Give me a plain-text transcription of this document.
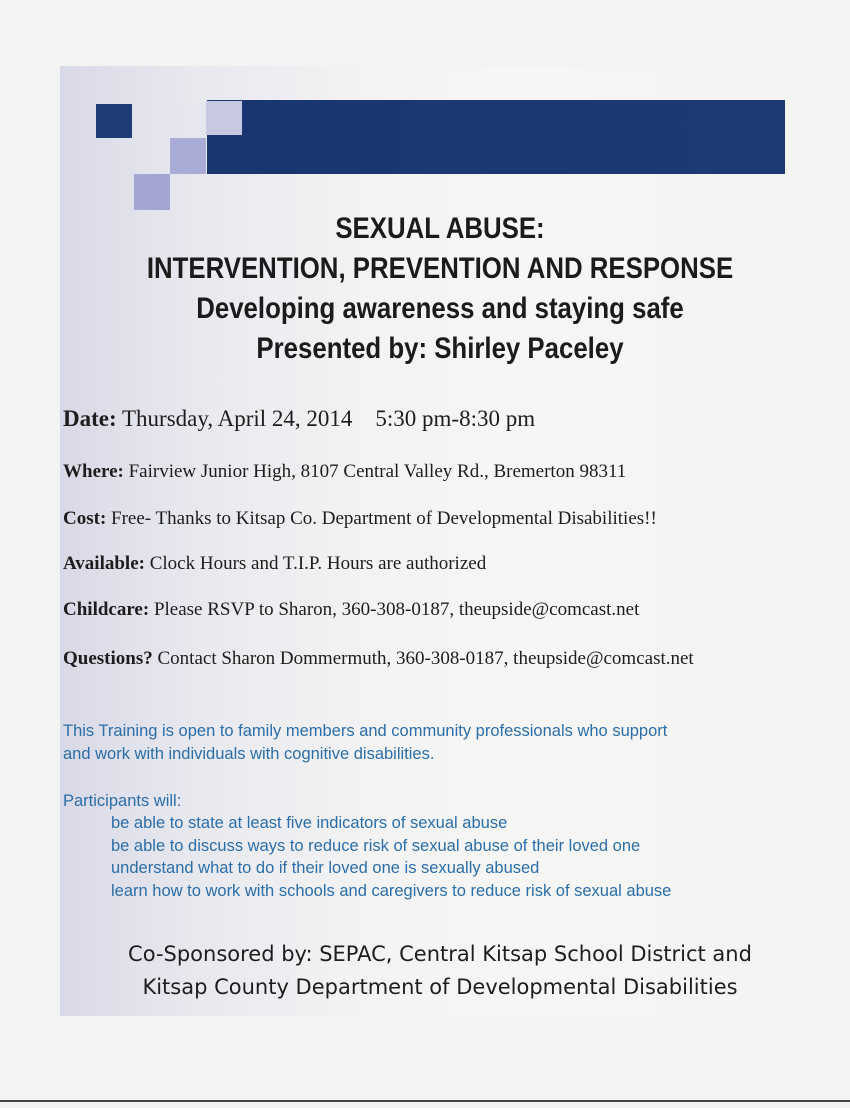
SEXUAL ABUSE:
INTERVENTION, PREVENTION AND RESPONSE
Developing awareness and staying safe
Presented by: Shirley Paceley
Date: Thursday, April 24, 2014    5:30 pm-8:30 pm
Where: Fairview Junior High, 8107 Central Valley Rd., Bremerton 98311
Cost: Free- Thanks to Kitsap Co. Department of Developmental Disabilities!!
Available: Clock Hours and T.I.P. Hours are authorized
Childcare: Please RSVP to Sharon, 360-308-0187, theupside@comcast.net
Questions? Contact Sharon Dommermuth, 360-308-0187, theupside@comcast.net
This Training is open to family members and community professionals who support
and work with individuals with cognitive disabilities.
Participants will:
be able to state at least five indicators of sexual abuse
be able to discuss ways to reduce risk of sexual abuse of their loved one
understand what to do if their loved one is sexually abused
learn how to work with schools and caregivers to reduce risk of sexual abuse
Co-Sponsored by: SEPAC, Central Kitsap School District and
Kitsap County Department of Developmental Disabilities
